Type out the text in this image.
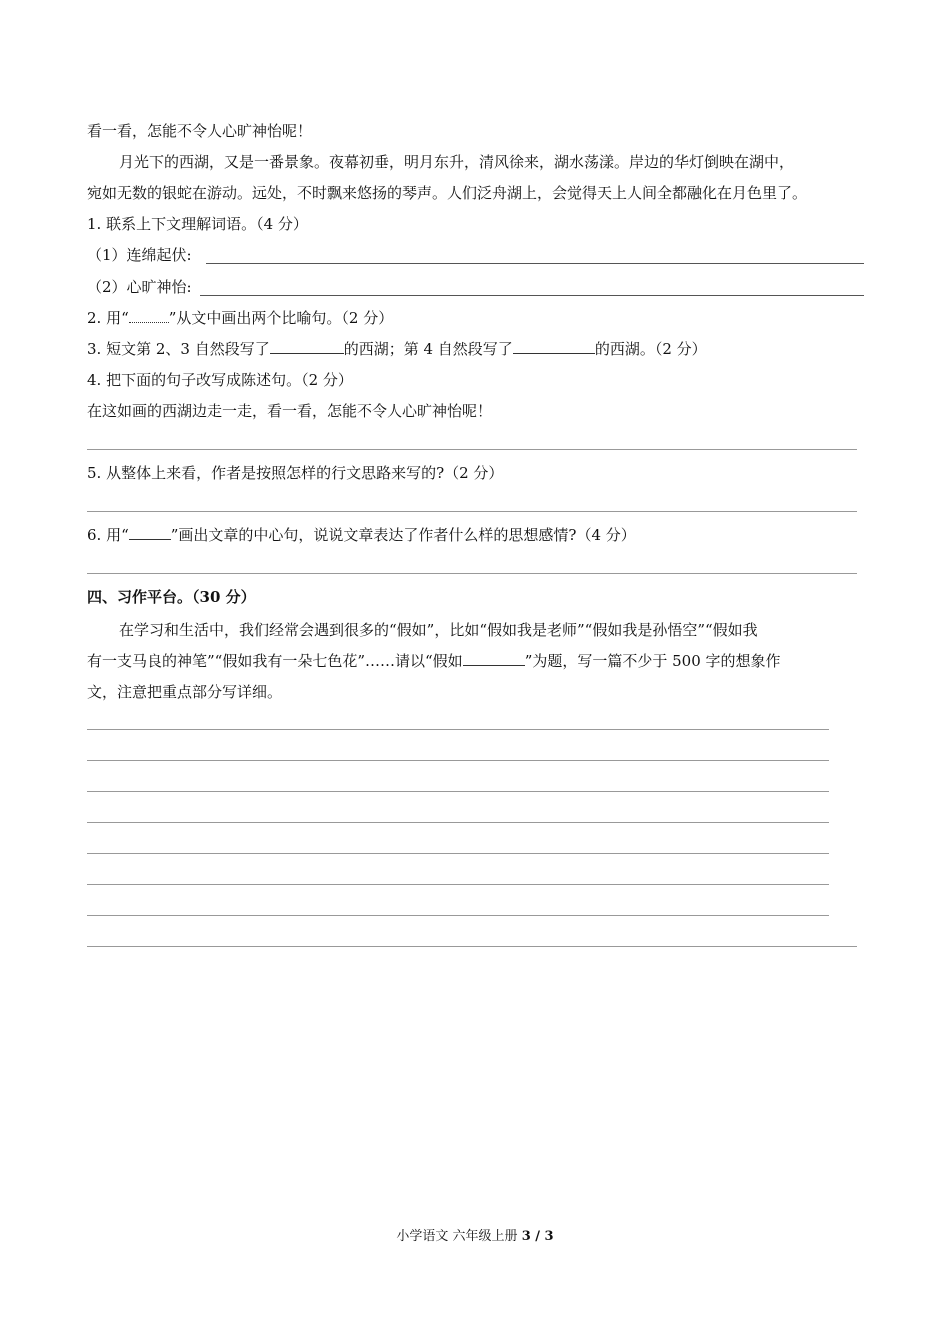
看一看，怎能不令人心旷神怡呢！
月光下的西湖，又是一番景象。夜幕初垂，明月东升，清风徐来，湖水荡漾。岸边的华灯倒映在湖中，
宛如无数的银蛇在游动。远处，不时飘来悠扬的琴声。人们泛舟湖上，会觉得天上人间全都融化在月色里了。
1. 联系上下文理解词语。（4 分）
（1）连绵起伏:
（2）心旷神怡:
2. 用“	”从文中画出两个比喻句。（2 分）
3. 短文第 2、3 自然段写了	的西湖；第 4 自然段写了	的西湖。（2 分）
4. 把下面的句子改写成陈述句。（2 分）
在这如画的西湖边走一走，看一看，怎能不令人心旷神怡呢！
5. 从整体上来看，作者是按照怎样的行文思路来写的?（2 分）
6. 用“	”画出文章的中心句，说说文章表达了作者什么样的思想感情?（4 分）
四、习作平台。（30 分）
在学习和生活中，我们经常会遇到很多的“假如”，比如“假如我是老师”“假如我是孙悟空”“假如我
有一支马良的神笔”“假如我有一朵七色花”……请以“假如	”为题，写一篇不少于 500 字的想象作
文，注意把重点部分写详细。
小学语文 六年级上册 3 / 3
